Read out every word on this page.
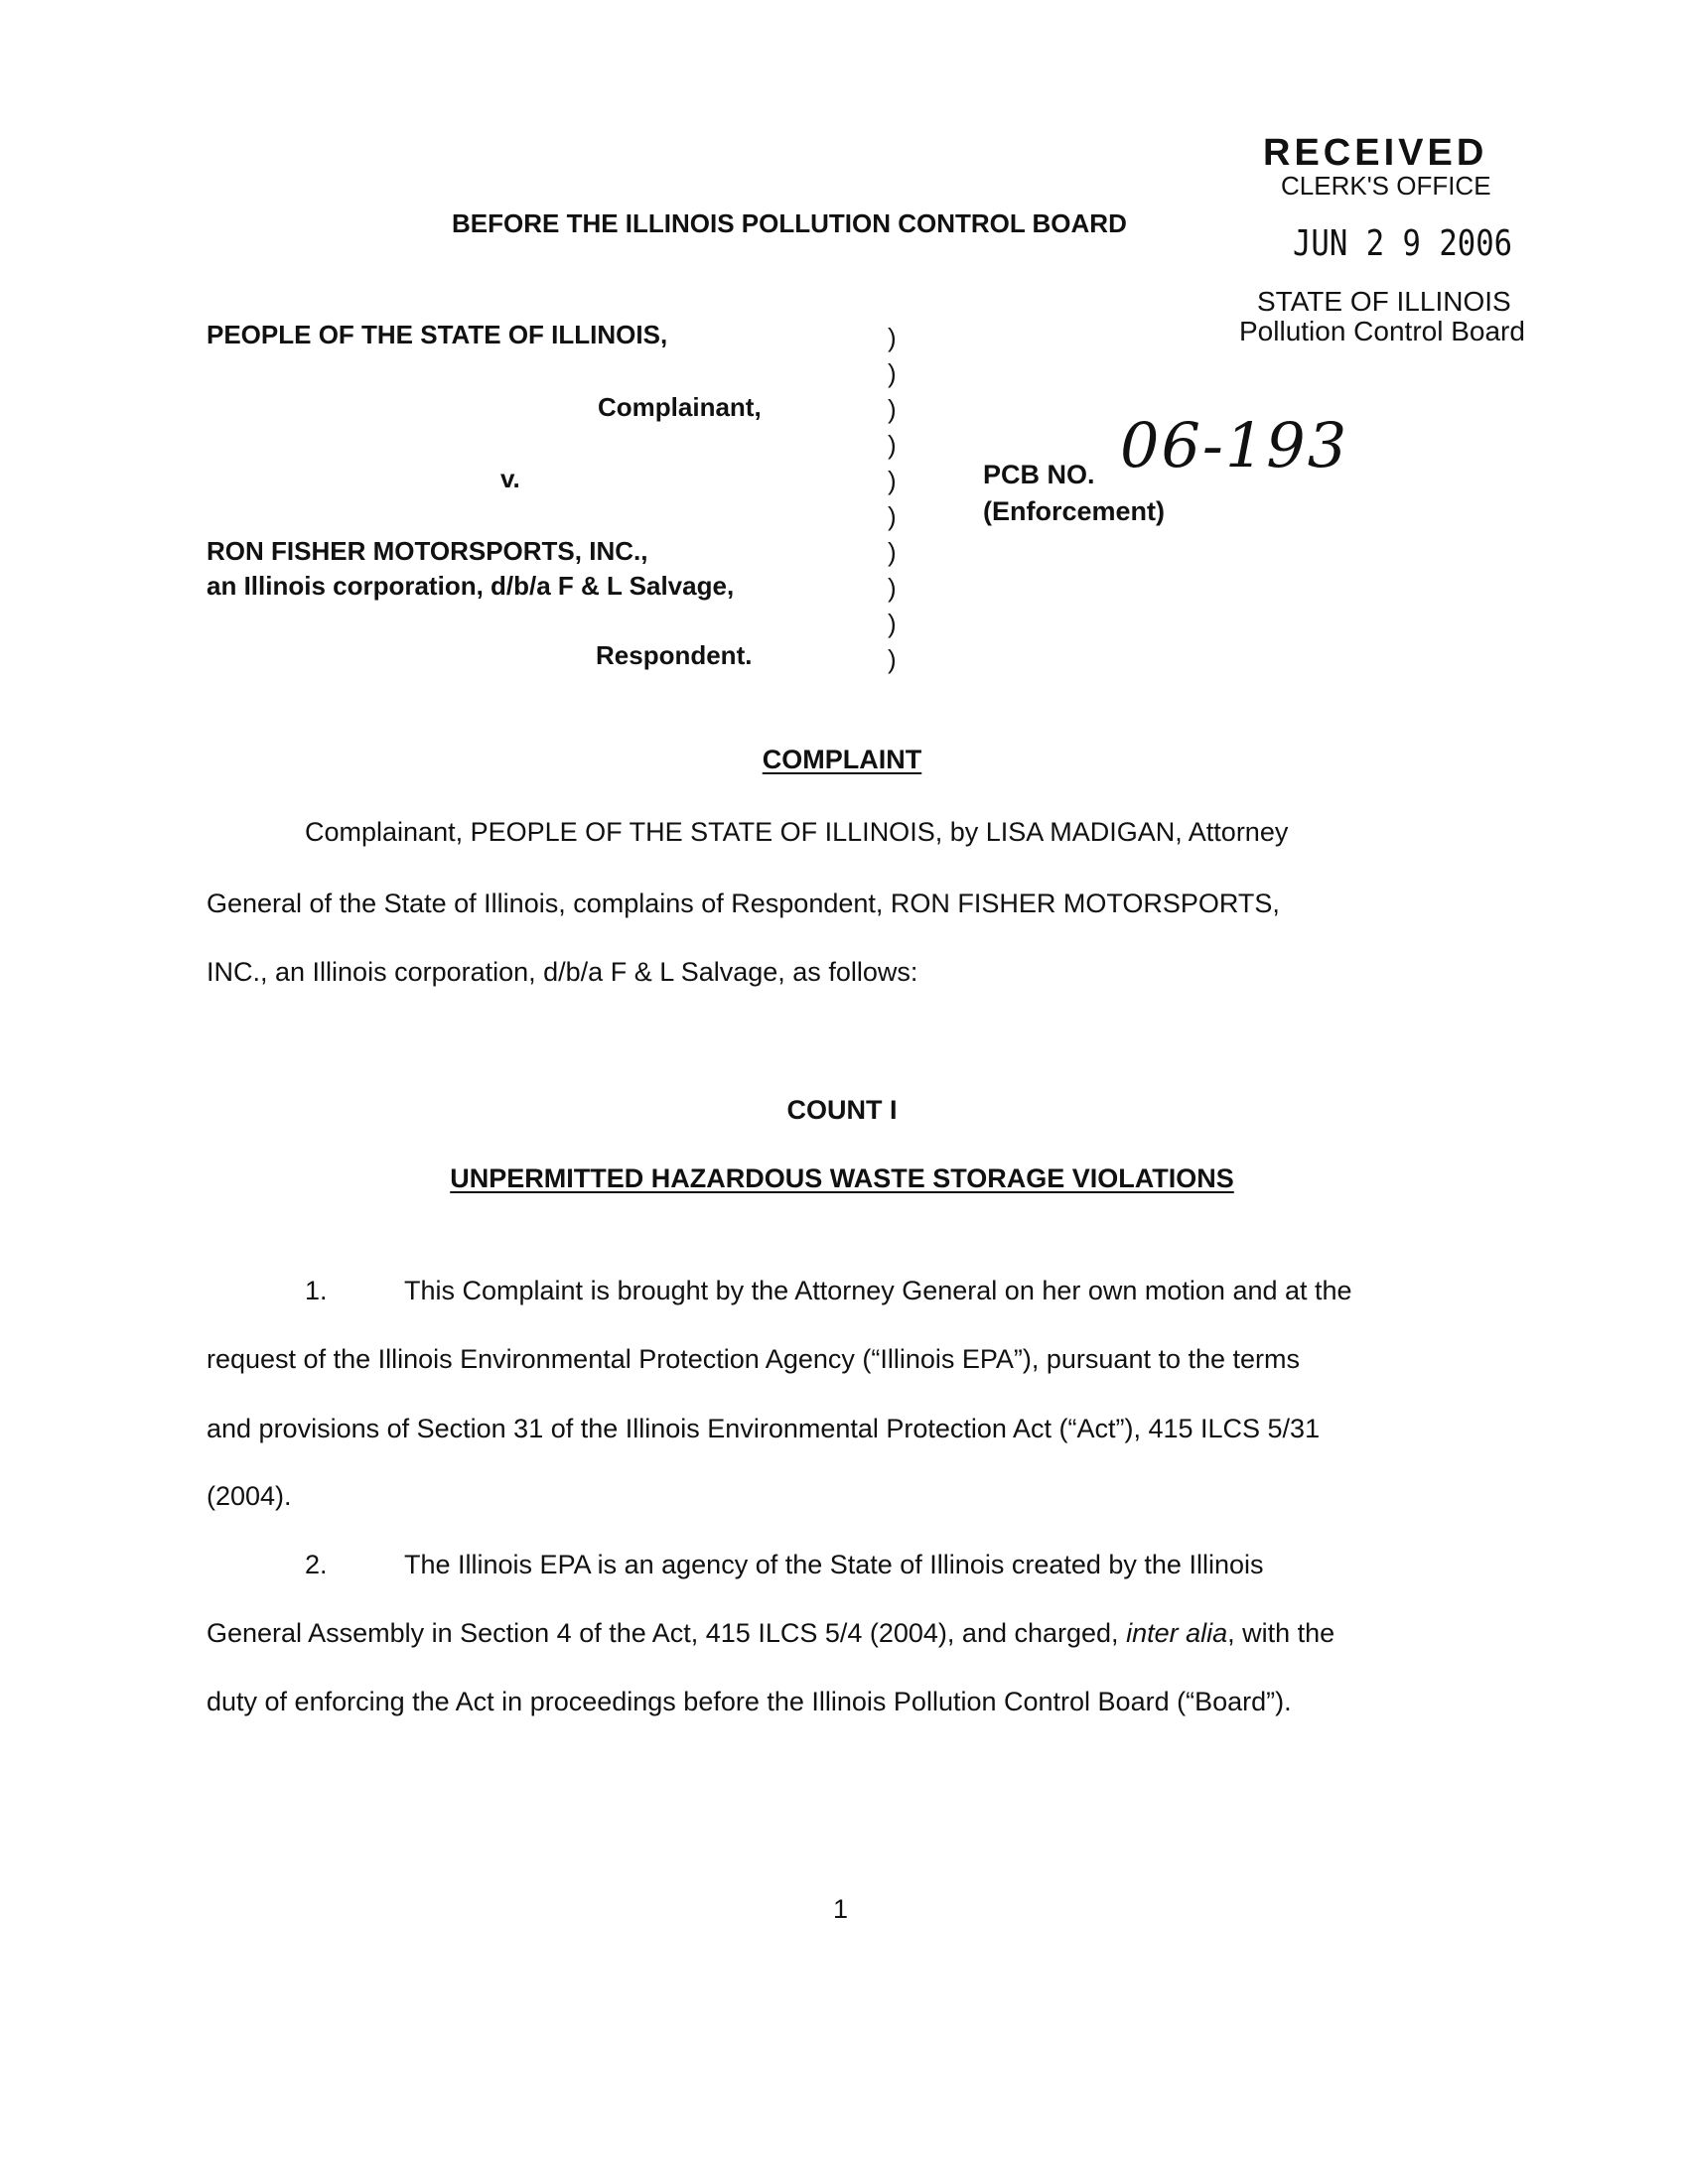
RECEIVED
CLERK'S OFFICE
JUN 2 9 2006
STATE OF ILLINOIS
Pollution Control Board
BEFORE THE ILLINOIS POLLUTION CONTROL BOARD
PEOPLE OF THE STATE OF ILLINOIS,
Complainant,
v.
RON FISHER MOTORSPORTS, INC.,
an Illinois corporation, d/b/a F & L Salvage,
Respondent.
)
)
)
)
)
)
)
)
)
)
PCB NO. 06-193
(Enforcement)
COMPLAINT
Complainant, PEOPLE OF THE STATE OF ILLINOIS, by LISA MADIGAN, Attorney
General of the State of Illinois, complains of Respondent, RON FISHER MOTORSPORTS,
INC., an Illinois corporation, d/b/a F & L Salvage, as follows:
COUNT I
UNPERMITTED HAZARDOUS WASTE STORAGE VIOLATIONS
1.	This Complaint is brought by the Attorney General on her own motion and at the
request of the Illinois Environmental Protection Agency (“Illinois EPA”), pursuant to the terms
and provisions of Section 31 of the Illinois Environmental Protection Act (“Act”), 415 ILCS 5/31
(2004).
2.	The Illinois EPA is an agency of the State of Illinois created by the Illinois
General Assembly in Section 4 of the Act, 415 ILCS 5/4 (2004), and charged, inter alia, with the
duty of enforcing the Act in proceedings before the Illinois Pollution Control Board (“Board”).
1
